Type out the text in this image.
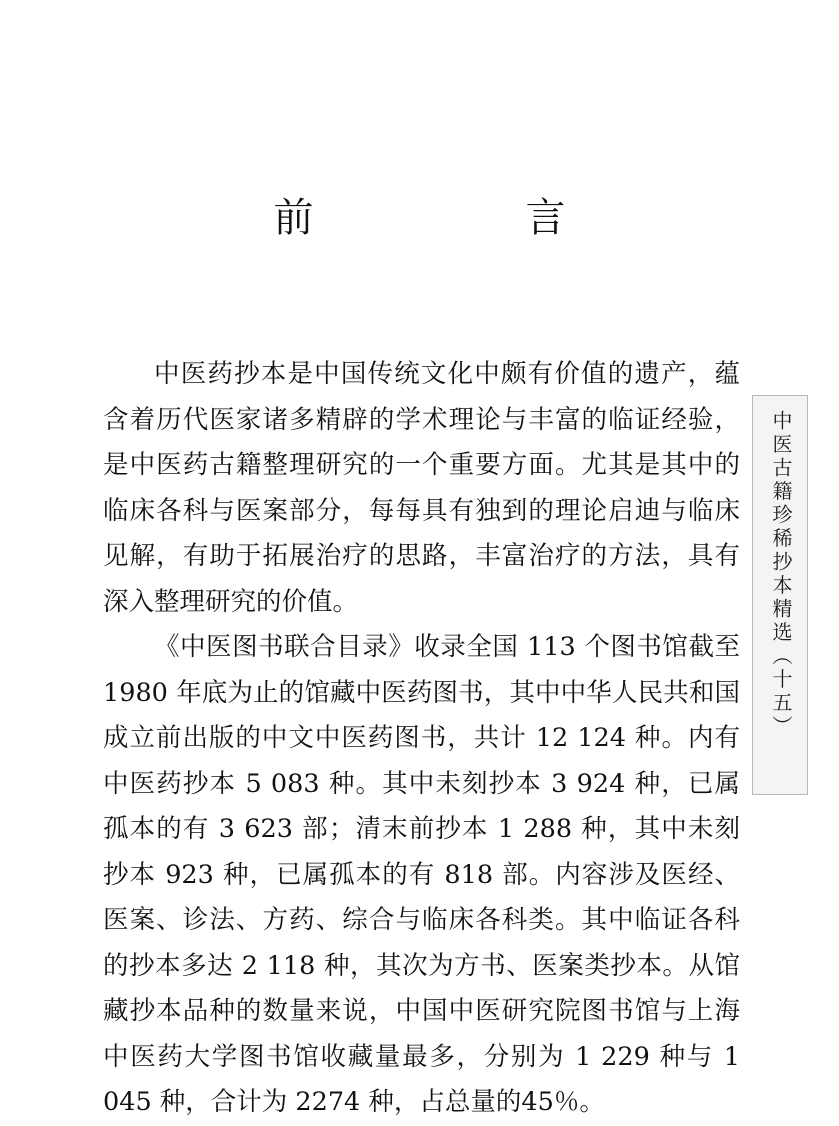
前　　言

中医药抄本是中国传统文化中颇有价值的遗产，蕴含着历代医家诸多精辟的学术理论与丰富的临证经验，是中医药古籍整理研究的一个重要方面。尤其是其中的临床各科与医案部分，每每具有独到的理论启迪与临床见解，有助于拓展治疗的思路，丰富治疗的方法，具有深入整理研究的价值。

《中医图书联合目录》收录全国 113 个图书馆截至 1980 年底为止的馆藏中医药图书，其中中华人民共和国成立前出版的中文中医药图书，共计 12 124 种。内有中医药抄本 5 083 种。其中未刻抄本 3 924 种，已属孤本的有 3 623 部；清末前抄本 1 288 种，其中未刻抄本 923 种，已属孤本的有 818 部。内容涉及医经、医案、诊法、方药、综合与临床各科类。其中临证各科的抄本多达 2 118 种，其次为方书、医案类抄本。从馆藏抄本品种的数量来说，中国中医研究院图书馆与上海中医药大学图书馆收藏量最多，分别为 1 229 种与 1 045 种，合计为 2274 种，占总量的45％。

中医古籍珍稀抄本精选（十五）
